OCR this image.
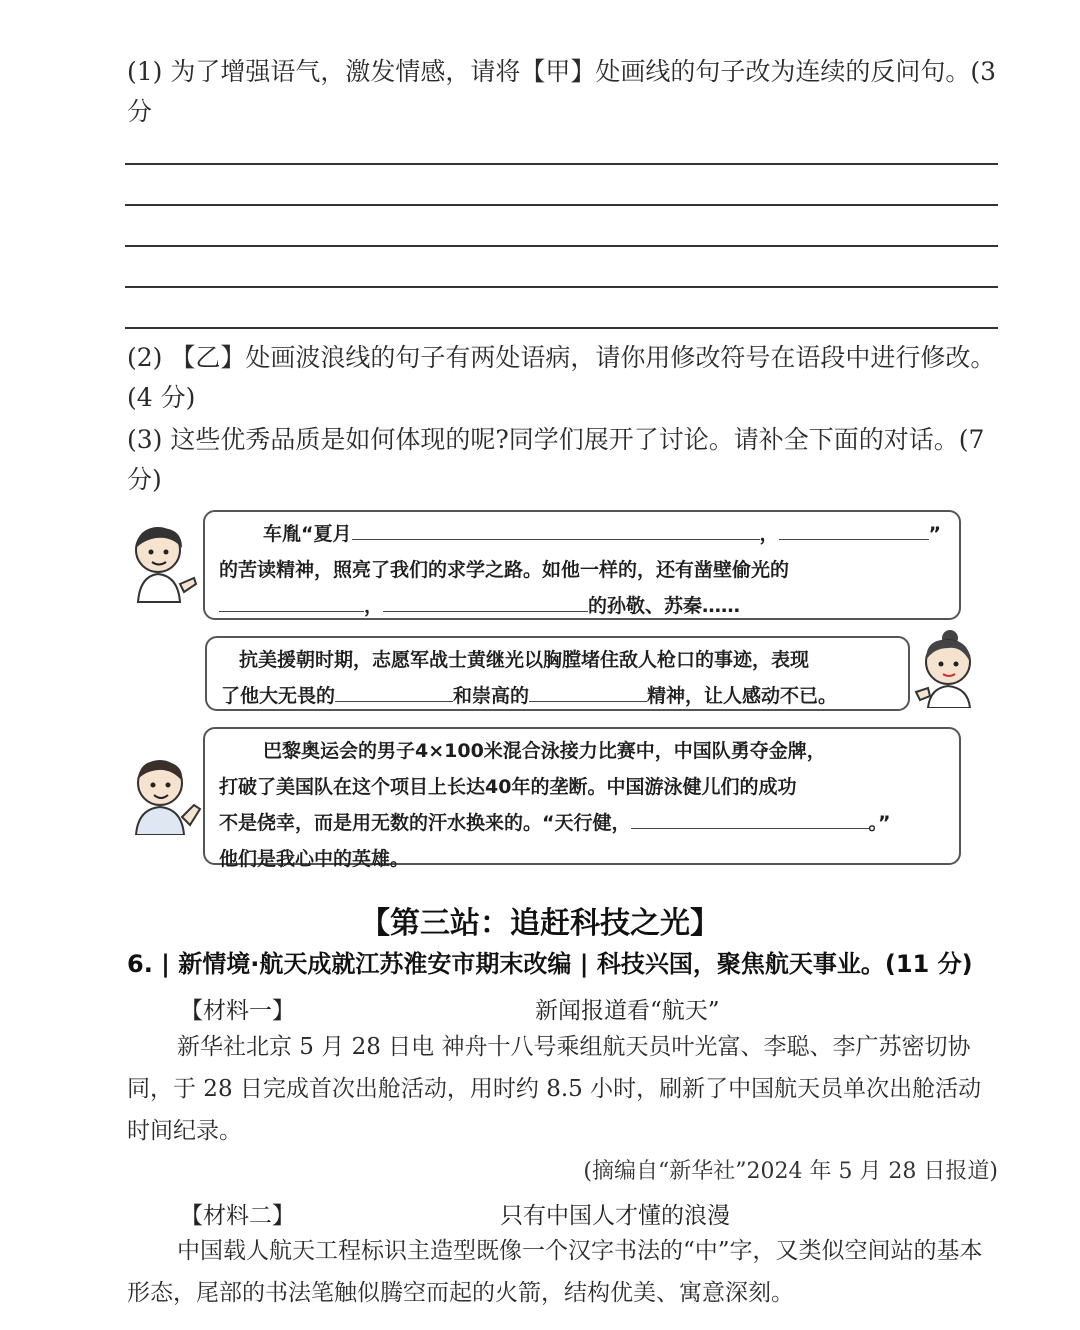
(1) 为了增强语气，激发情感，请将【甲】处画线的句子改为连续的反问句。(3
分
(2) 【乙】处画波浪线的句子有两处语病，请你用修改符号在语段中进行修改。
(4 分)
(3) 这些优秀品质是如何体现的呢?同学们展开了讨论。请补全下面的对话。(7
分)
车胤“夏月	，	”
的苦读精神，照亮了我们的求学之路。如他一样的，还有凿壁偷光的
，	的孙敬、苏秦……
抗美援朝时期，志愿军战士黄继光以胸膛堵住敌人枪口的事迹，表现
了他大无畏的	和崇高的	精神，让人感动不已。
巴黎奥运会的男子4×100米混合泳接力比赛中，中国队勇夺金牌，
打破了美国队在这个项目上长达40年的垄断。中国游泳健儿们的成功
不是侥幸，而是用无数的汗水换来的。“天行健，	。”
他们是我心中的英雄。
【第三站：追赶科技之光】
6. | 新情境·航天成就江苏淮安市期末改编 | 科技兴国，聚焦航天事业。(11 分)
【材料一】	新闻报道看“航天”
新华社北京 5 月 28 日电 神舟十八号乘组航天员叶光富、李聪、李广苏密切协同，于 28 日完成首次出舱活动，用时约 8.5 小时，刷新了中国航天员单次出舱活动时间纪录。
(摘编自“新华社”2024 年 5 月 28 日报道)
【材料二】	只有中国人才懂的浪漫
中国载人航天工程标识主造型既像一个汉字书法的“中”字，又类似空间站的基本形态，尾部的书法笔触似腾空而起的火箭，结构优美、寓意深刻。
